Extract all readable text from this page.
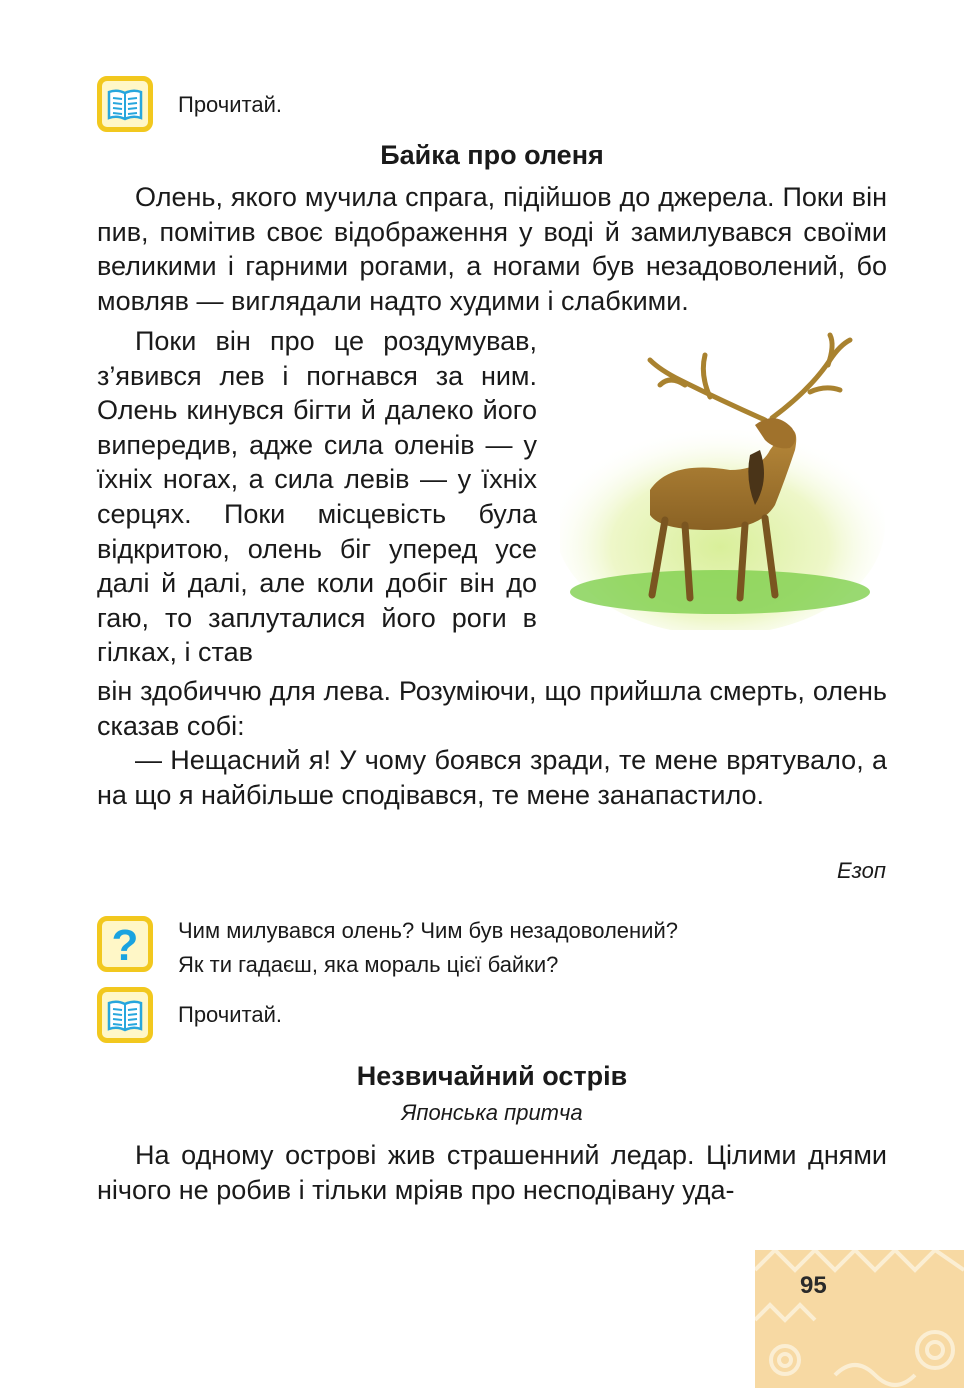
Прочитай.
Байка про оленя

Олень, якого мучила спрага, підійшов до джерела. Поки він пив, помітив своє відображення у воді й замилувався своїми великими і гарними рогами, а ногами був незадоволений, бо мовляв — виглядали надто худими і слабкими.

Поки він про це роздумував, з’явився лев і погнався за ним. Олень кинувся бігти й далеко його випередив, адже сила оленів — у їхніх ногах, а сила левів — у їхніх серцях. Поки місцевість була відкритою, олень біг уперед усе далі й далі, але коли добіг він до гаю, то заплуталися його роги в гілках, і став

він здобиччю для лева. Розуміючи, що прийшла смерть, олень сказав собі:

— Нещасний я! У чому боявся зради, те мене врятувало, а на що я найбільше сподівався, те мене занапастило.

Езоп
? Чим милувався олень? Чим був незадоволений?
Як ти гадаєш, яка мораль цієї байки?
Прочитай.
Незвичайний острів
Японська притча

На одному острові жив страшенний ледар. Цілими днями нічого не робив і тільки мріяв про несподівану уда-

95
